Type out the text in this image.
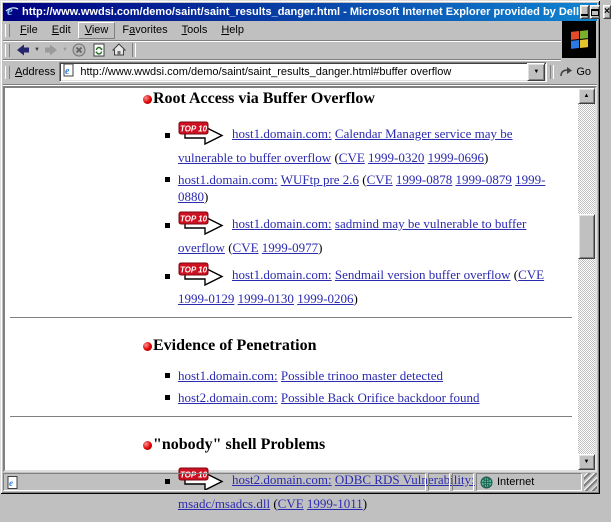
e http://www.wwdsi.com/demo/saint/saint_results_danger.html - Microsoft Internet Explorer provided by Dell	×
File	Edit	View	Favorites	Tools	Help
▼	▼
Address e http://www.wwdsi.com/demo/saint/saint_results_danger.html#buffer overflow	▼	Go
Root Access via Buffer Overflow
TOP 10 host1.domain.com: Calendar Manager service may be vulnerable to buffer overflow (CVE 1999-0320 1999-0696)
host1.domain.com: WUFtp pre 2.6 (CVE 1999-0878 1999-0879 1999-0880)
TOP 10 host1.domain.com: sadmind may be vulnerable to buffer overflow (CVE 1999-0977)
TOP 10 host1.domain.com: Sendmail version buffer overflow (CVE 1999-0129 1999-0130 1999-0206)
Evidence of Penetration
host1.domain.com: Possible trinoo master detected
host2.domain.com: Possible Back Orifice backdoor found
"nobody" shell Problems
TOP 10 host2.domain.com: ODBC RDS Vulnerability: msadc/msadcs.dll (CVE 1999-1011)
▲
▼
e	Internet
